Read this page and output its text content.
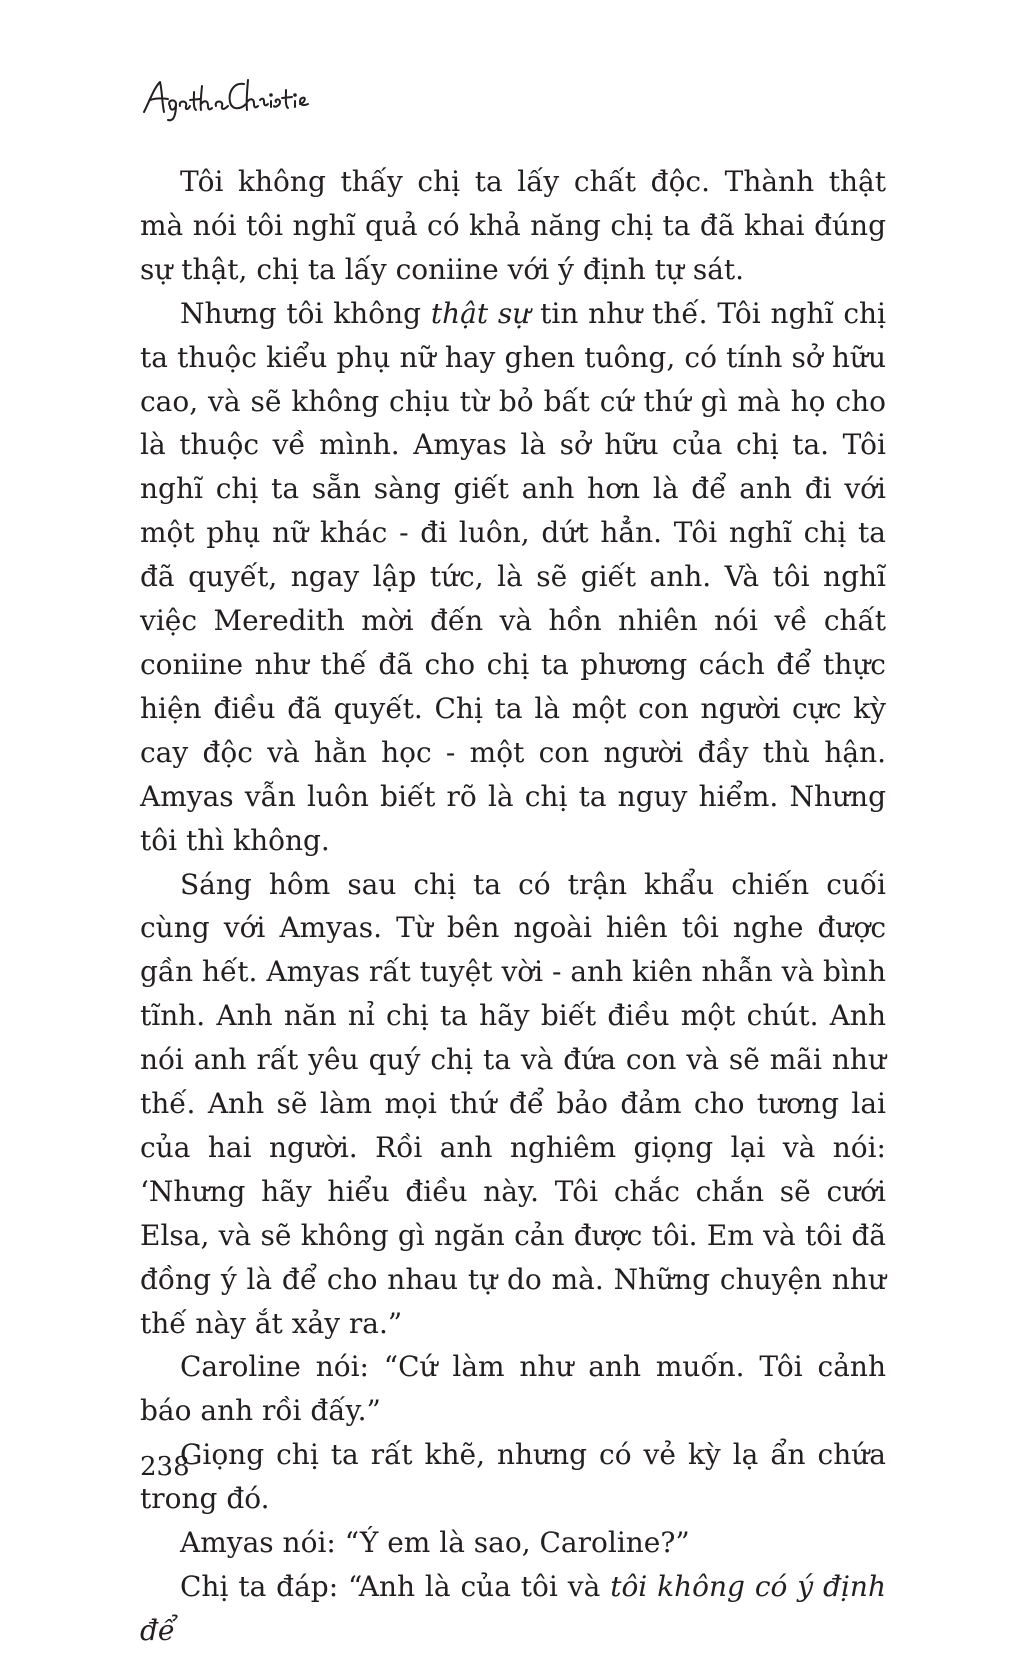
Tôi không thấy chị ta lấy chất độc. Thành thật mà nói tôi nghĩ quả có khả năng chị ta đã khai đúng sự thật, chị ta lấy coniine với ý định tự sát.

Nhưng tôi không thật sự tin như thế. Tôi nghĩ chị ta thuộc kiểu phụ nữ hay ghen tuông, có tính sở hữu cao, và sẽ không chịu từ bỏ bất cứ thứ gì mà họ cho là thuộc về mình. Amyas là sở hữu của chị ta. Tôi nghĩ chị ta sẵn sàng giết anh hơn là để anh đi với một phụ nữ khác - đi luôn, dứt hẳn. Tôi nghĩ chị ta đã quyết, ngay lập tức, là sẽ giết anh. Và tôi nghĩ việc Meredith mời đến và hồn nhiên nói về chất coniine như thế đã cho chị ta phương cách để thực hiện điều đã quyết. Chị ta là một con người cực kỳ cay độc và hằn học - một con người đầy thù hận. Amyas vẫn luôn biết rõ là chị ta nguy hiểm. Nhưng tôi thì không.

Sáng hôm sau chị ta có trận khẩu chiến cuối cùng với Amyas. Từ bên ngoài hiên tôi nghe được gần hết. Amyas rất tuyệt vời - anh kiên nhẫn và bình tĩnh. Anh năn nỉ chị ta hãy biết điều một chút. Anh nói anh rất yêu quý chị ta và đứa con và sẽ mãi như thế. Anh sẽ làm mọi thứ để bảo đảm cho tương lai của hai người. Rồi anh nghiêm giọng lại và nói: ‘Nhưng hãy hiểu điều này. Tôi chắc chắn sẽ cưới Elsa, và sẽ không gì ngăn cản được tôi. Em và tôi đã đồng ý là để cho nhau tự do mà. Những chuyện như thế này ắt xảy ra.”

Caroline nói: “Cứ làm như anh muốn. Tôi cảnh báo anh rồi đấy.”

Giọng chị ta rất khẽ, nhưng có vẻ kỳ lạ ẩn chứa trong đó.

Amyas nói: “Ý em là sao, Caroline?”

Chị ta đáp: “Anh là của tôi và tôi không có ý định để

238
